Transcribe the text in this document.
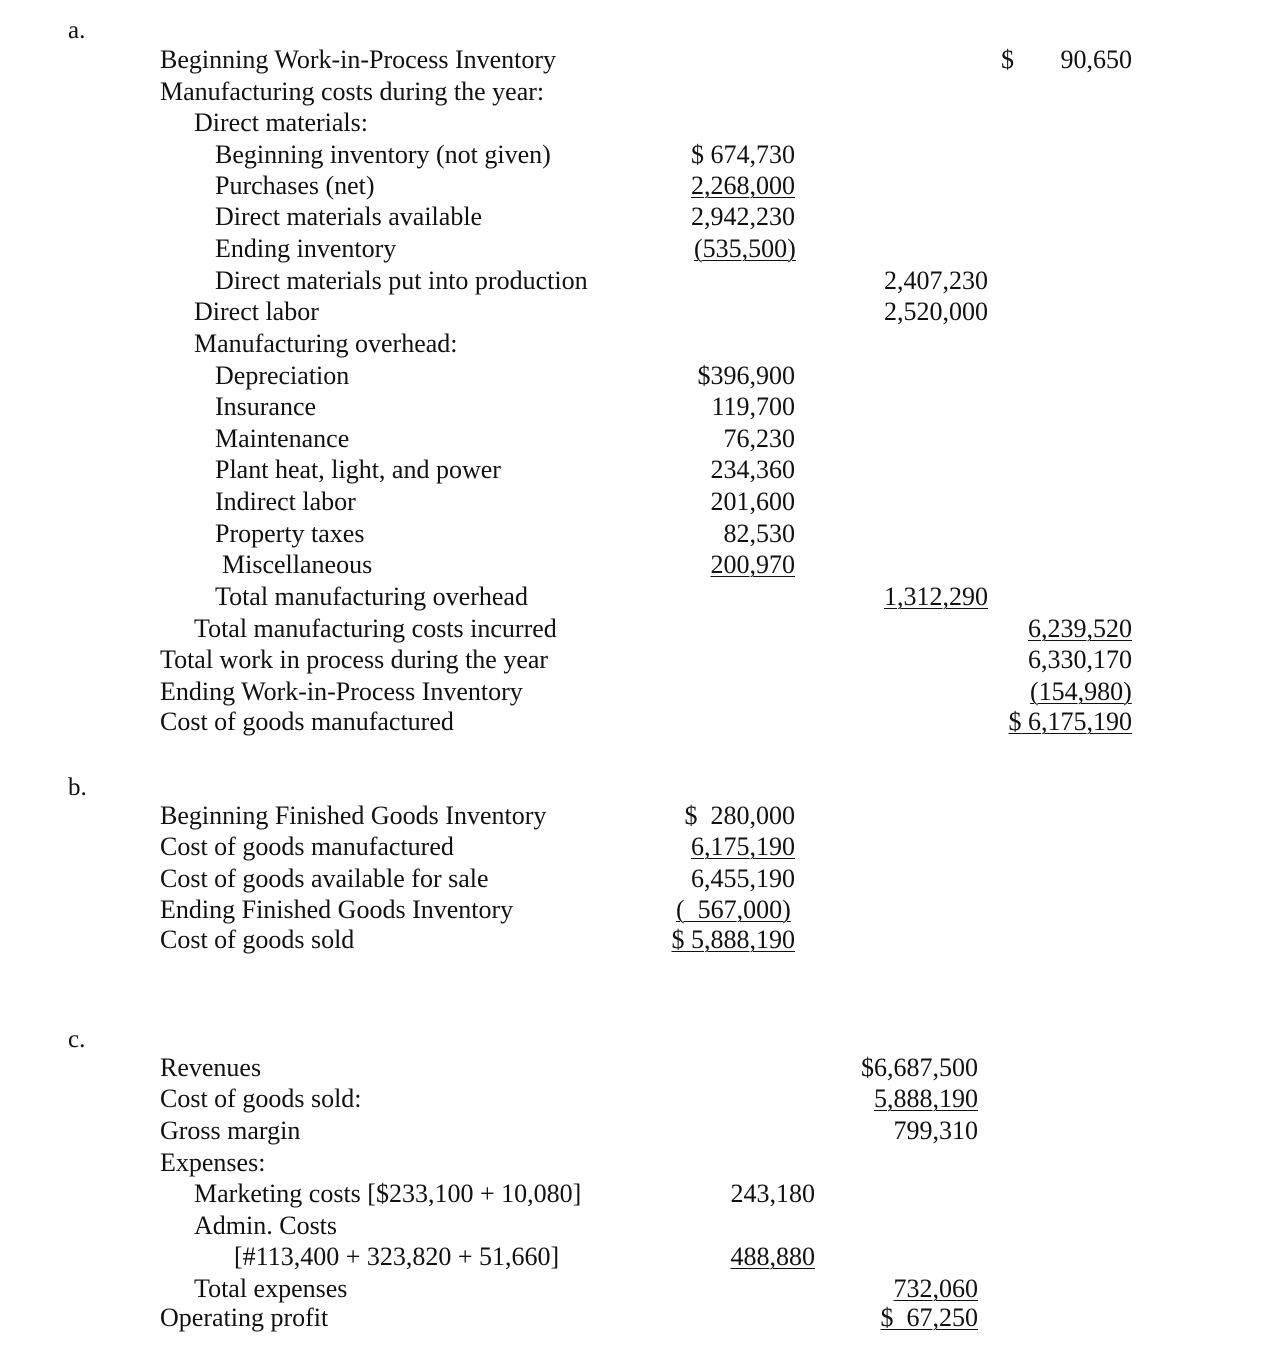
a.
Beginning Work-in-Process Inventory	$	90,650
Manufacturing costs during the year:
Direct materials:
Beginning inventory (not given)	$ 674,730
Purchases (net)	2,268,000
Direct materials available	2,942,230
Ending inventory	(535,500)
Direct materials put into production	2,407,230
Direct labor	2,520,000
Manufacturing overhead:
Depreciation	$396,900
Insurance	119,700
Maintenance	76,230
Plant heat, light, and power	234,360
Indirect labor	201,600
Property taxes	82,530
Miscellaneous	200,970
Total manufacturing overhead	1,312,290
Total manufacturing costs incurred	6,239,520
Total work in process during the year	6,330,170
Ending Work-in-Process Inventory	(154,980)
Cost of goods manufactured	$ 6,175,190
b.
Beginning Finished Goods Inventory	$  280,000
Cost of goods manufactured	6,175,190
Cost of goods available for sale	6,455,190
Ending Finished Goods Inventory	(  567,000)
Cost of goods sold	$ 5,888,190
c.
Revenues	$6,687,500
Cost of goods sold:	5,888,190
Gross margin	799,310
Expenses:
Marketing costs [$233,100 + 10,080]	243,180
Admin. Costs
[#113,400 + 323,820 + 51,660]	488,880
Total expenses	732,060
Operating profit	$  67,250
